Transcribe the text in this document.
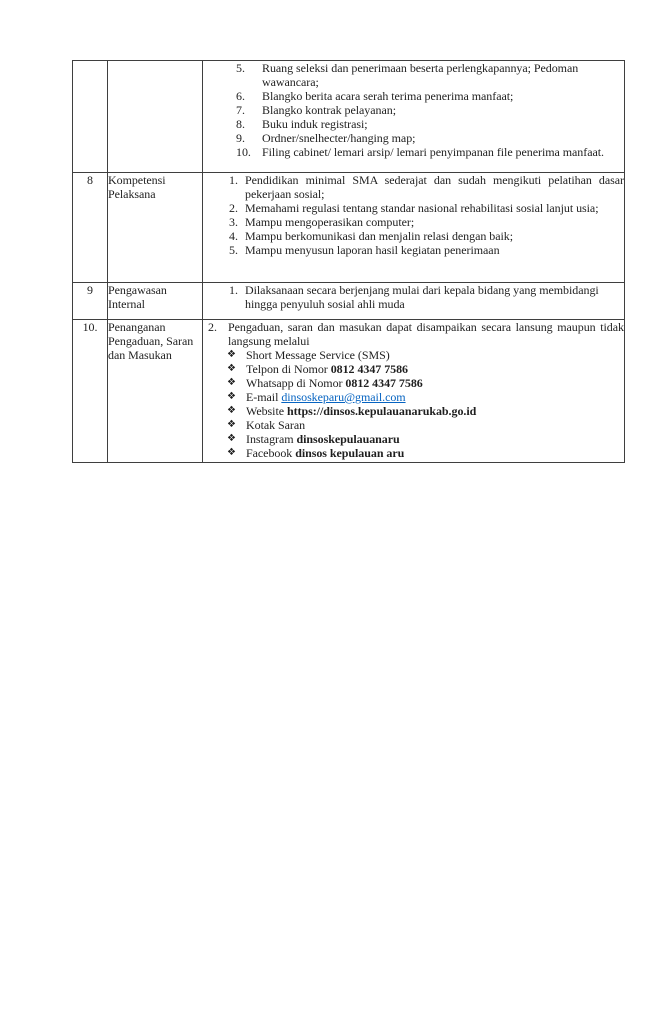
5.	Ruang seleksi dan penerimaan beserta perlengkapannya; Pedoman wawancara;
6.	Blangko berita acara serah terima penerima manfaat;
7.	Blangko kontrak pelayanan;
8.	Buku induk registrasi;
9.	Ordner/snelhecter/hanging map;
10. Filing cabinet/ lemari arsip/ lemari penyimpanan file penerima manfaat.

8	Kompetensi Pelaksana	
1. Pendidikan minimal SMA sederajat dan sudah mengikuti pelatihan dasar pekerjaan sosial;
2. Memahami regulasi tentang standar nasional rehabilitasi sosial lanjut usia;
3. Mampu mengoperasikan computer;
4. Mampu berkomunikasi dan menjalin relasi dengan baik;
5. Mampu menyusun laporan hasil kegiatan penerimaan

9	Pengawasan Internal	1. Dilaksanaan secara berjenjang mulai dari kepala bidang yang membidangi hingga penyuluh sosial ahli muda

10.	Penanganan Pengaduan, Saran dan Masukan	
2. Pengaduan, saran dan masukan dapat disampaikan secara lansung maupun tidak langsung melalui
❖ Short Message Service (SMS)
❖ Telpon di Nomor 0812 4347 7586
❖ Whatsapp di Nomor 0812 4347 7586
❖ E-mail dinsoskeparu@gmail.com
❖ Website https://dinsos.kepulauanarukab.go.id
❖ Kotak Saran
❖ Instagram dinsoskepulauanaru
❖ Facebook dinsos kepulauan aru
